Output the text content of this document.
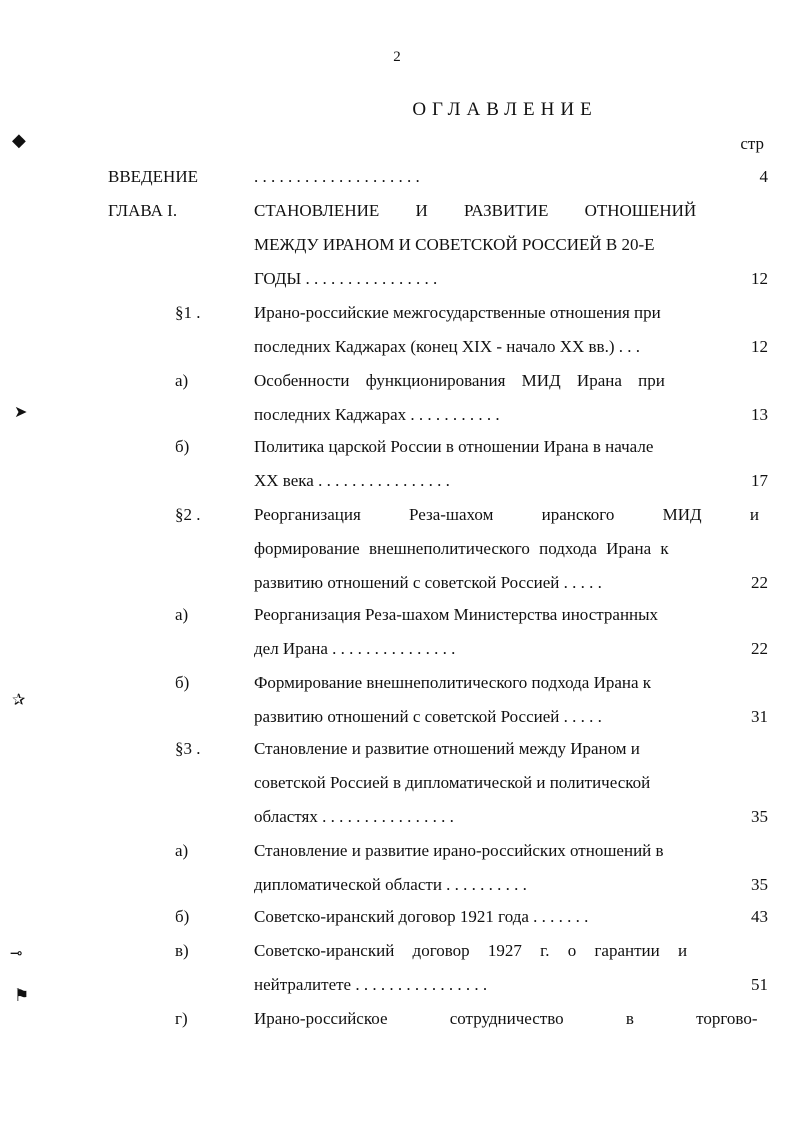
2
ОГЛАВЛЕНИЕ
стр
◆
➤
✰
⊸
⚑
ВВЕДЕНИЕ	. . . . . . . . . . . . . . . . . . . .	4
ГЛАВА I.	СТАНОВЛЕНИЕ И РАЗВИТИЕ ОТНОШЕНИЙ
МЕЖДУ ИРАНОМ И СОВЕТСКОЙ РОССИЕЙ В 20-Е
ГОДЫ . . . . . . . . . . . . . . . .	12
§1 .	Ирано-российские межгосударственные отношения при
последних Каджарах (конец XIX - начало XX вв.) . . .	12
а)	Особенности функционирования МИД Ирана при
последних Каджарах . . . . . . . . . . .	13
б)	Политика царской России в отношении Ирана в начале
XX века . . . . . . . . . . . . . . . .	17
§2 .	Реорганизация Реза-шахом иранского МИД и
формирование внешнеполитического подхода Ирана к
развитию отношений с советской Россией . . . . .	22
а)	Реорганизация Реза-шахом Министерства иностранных
дел Ирана . . . . . . . . . . . . . . .	22
б)	Формирование внешнеполитического подхода Ирана к
развитию отношений с советской Россией . . . . .	31
§3 .	Становление и развитие отношений между Ираном и
советской Россией в дипломатической и политической
областях . . . . . . . . . . . . . . . .	35
а)	Становление и развитие ирано-российских отношений в
дипломатической области . . . . . . . . . .	35
б)	Советско-иранский договор 1921 года . . . . . . .	43
в)	Советско-иранский договор 1927 г. о гарантии и
нейтралитете . . . . . . . . . . . . . . . .	51
г)	Ирано-российское сотрудничество в торгово-
